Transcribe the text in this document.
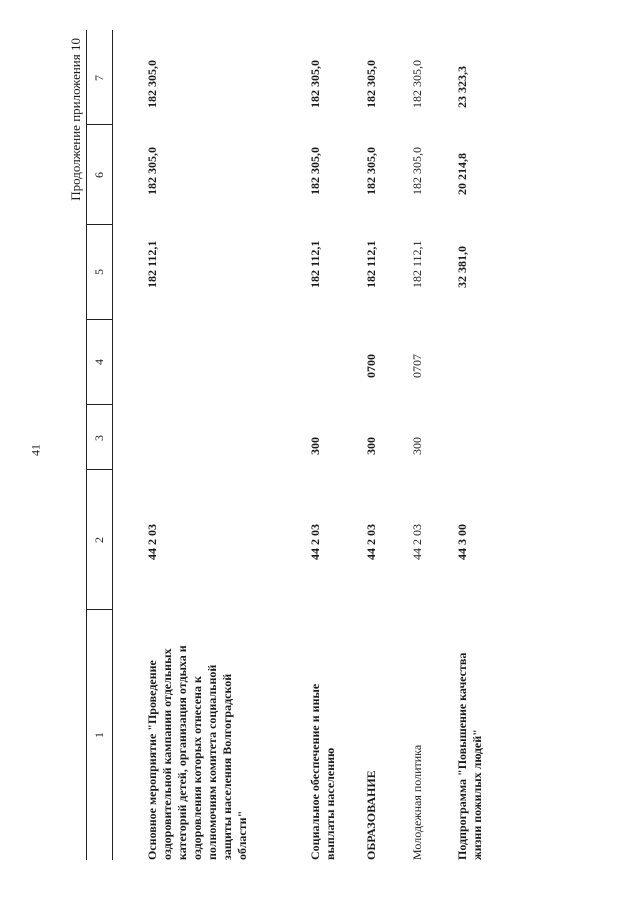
41
Продолжение приложения 10
1
2
3
4
5
6
7
Основное мероприятие "Проведение оздоровительной кампании отдельных категорий детей, организация отдыха и оздоровления которых отнесена к полномочиям комитета социальной защиты населения Волгоградской области"
44 2 03
182 112,1
182 305,0
182 305,0
Социальное обеспечение и иные выплаты населению
44 2 03
300
182 112,1
182 305,0
182 305,0
ОБРАЗОВАНИЕ
44 2 03
300
0700
182 112,1
182 305,0
182 305,0
Молодежная политика
44 2 03
300
0707
182 112,1
182 305,0
182 305,0
Подпрограмма "Повышение качества жизни пожилых людей"
44 3 00
32 381,0
20 214,8
23 323,3
